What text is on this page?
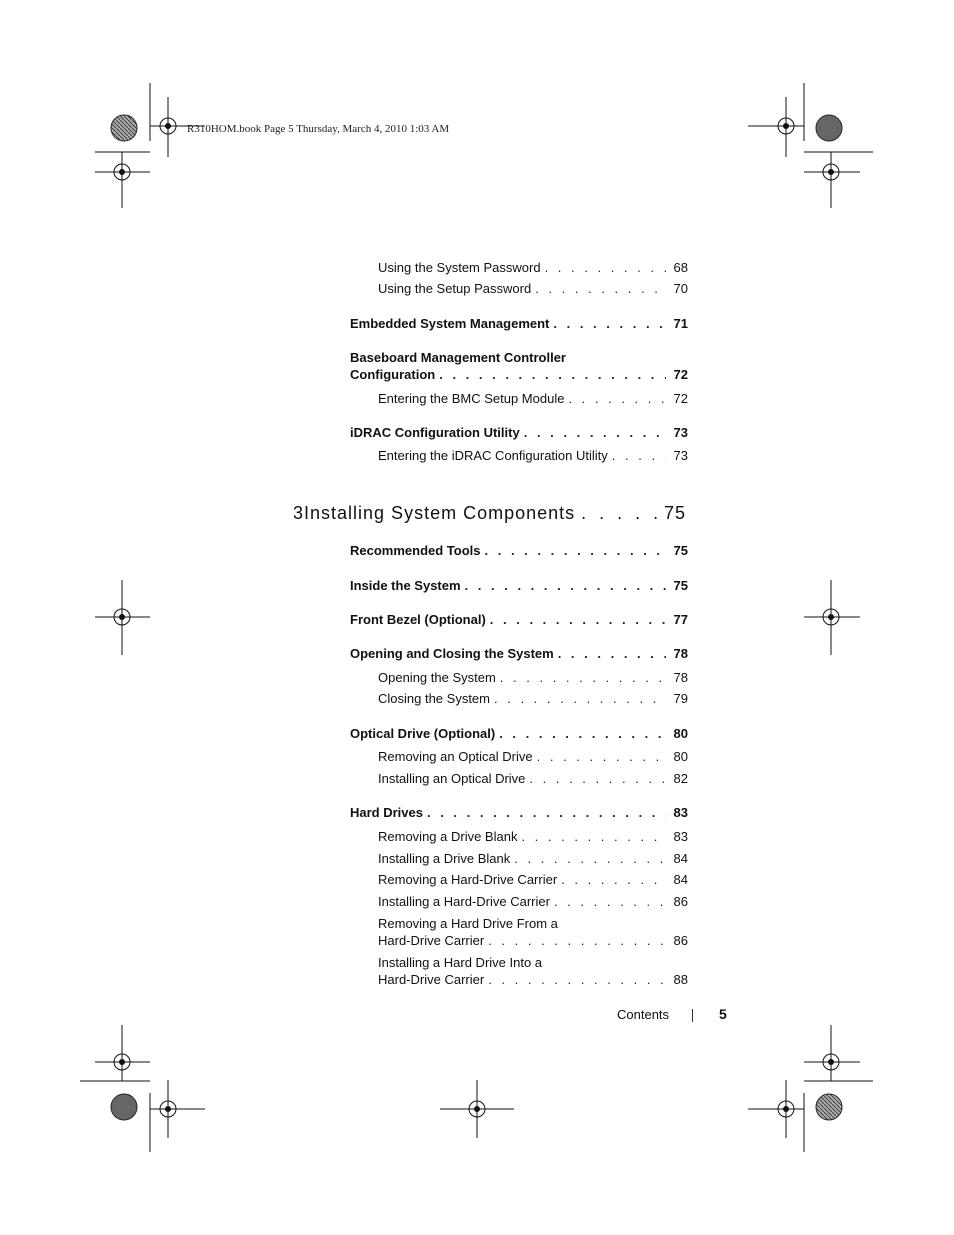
R310HOM.book Page 5 Thursday, March 4, 2010 1:03 AM
Using the System Password . . .	68
Using the Setup Password . . .	70
Embedded System Management . . .	71
Baseboard Management Controller
Configuration . . .	72
Entering the BMC Setup Module . . .	72
iDRAC Configuration Utility . . .	73
Entering the iDRAC Configuration Utility . . .	73
3 Installing System Components . . .	75
Recommended Tools . . .	75
Inside the System . . .	75
Front Bezel (Optional) . . .	77
Opening and Closing the System . . .	78
Opening the System . . .	78
Closing the System . . .	79
Optical Drive (Optional) . . .	80
Removing an Optical Drive . . .	80
Installing an Optical Drive . . .	82
Hard Drives . . .	83
Removing a Drive Blank . . .	83
Installing a Drive Blank . . .	84
Removing a Hard-Drive Carrier . . .	84
Installing a Hard-Drive Carrier . . .	86
Removing a Hard Drive From a
Hard-Drive Carrier . . .	86
Installing a Hard Drive Into a
Hard-Drive Carrier . . .	88
Contents	5
